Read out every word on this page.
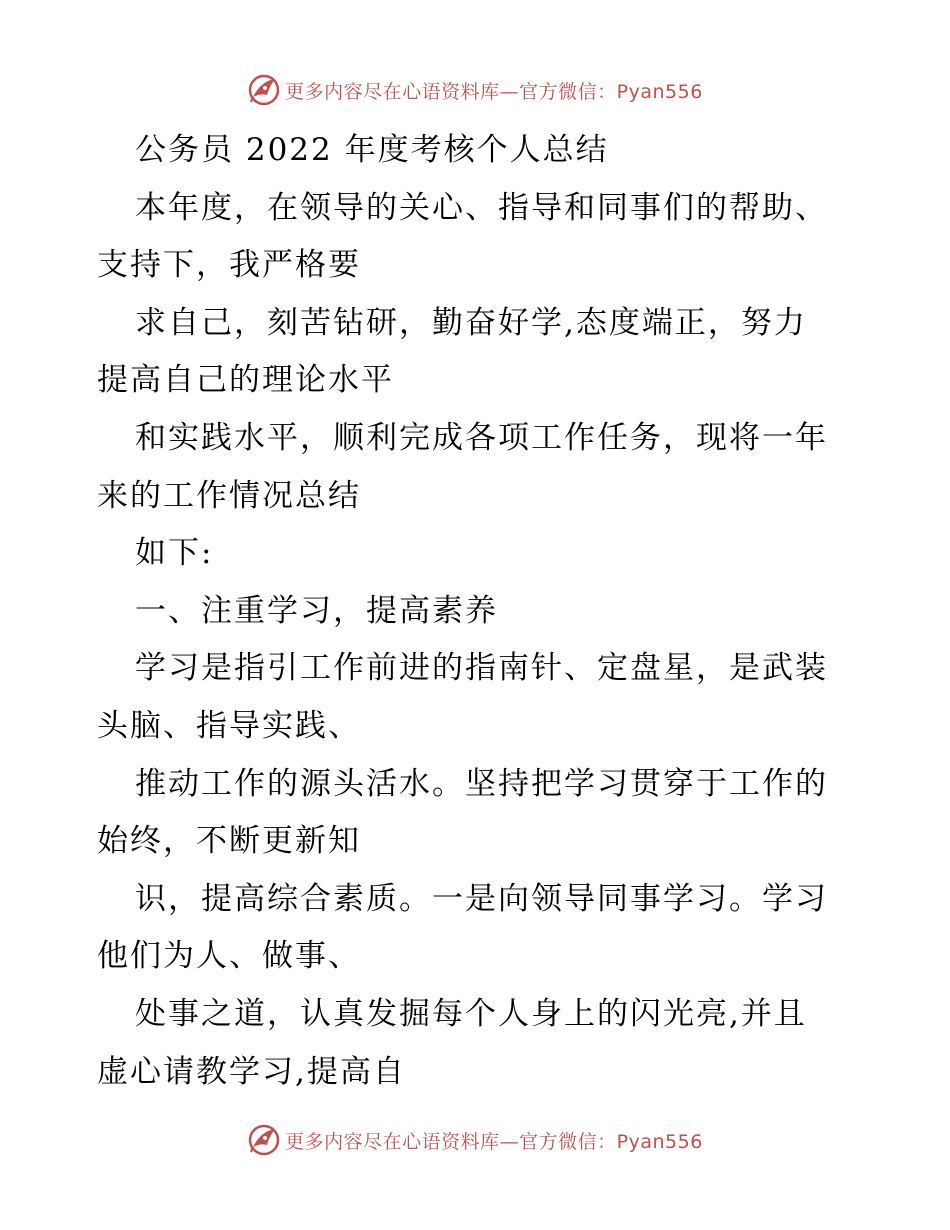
更多内容尽在心语资料库—官方微信：Pyan556
公务员 2022 年度考核个人总结
本年度，在领导的关心、指导和同事们的帮助、
支持下，我严格要
求自己，刻苦钻研，勤奋好学,态度端正，努力
提高自己的理论水平
和实践水平，顺利完成各项工作任务，现将一年
来的工作情况总结
如下:
一、注重学习，提高素养
学习是指引工作前进的指南针、定盘星，是武装
头脑、指导实践、
推动工作的源头活水。坚持把学习贯穿于工作的
始终，不断更新知
识，提高综合素质。一是向领导同事学习。学习
他们为人、做事、
处事之道，认真发掘每个人身上的闪光亮,并且
虚心请教学习,提高自
更多内容尽在心语资料库—官方微信：Pyan556
